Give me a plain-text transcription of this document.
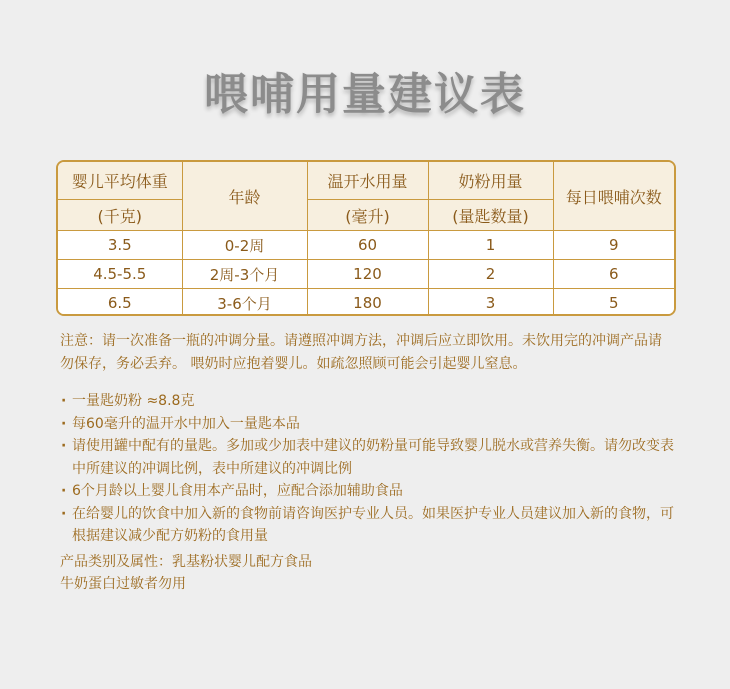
喂哺用量建议表
婴儿平均体重	年龄	温开水用量	奶粉用量	每日喂哺次数
(千克)		(毫升)	(量匙数量)	
3.5	0-2周	60	1	9
4.5-5.5	2周-3个月	120	2	6
6.5	3-6个月	180	3	5
注意：请一次准备一瓶的冲调分量。请遵照冲调方法，冲调后应立即饮用。未饮用完的冲调产品请勿保存，务必丢弃。 喂奶时应抱着婴儿。如疏忽照顾可能会引起婴儿窒息。
· 一量匙奶粉 ≈8.8克
· 每60毫升的温开水中加入一量匙本品
· 请使用罐中配有的量匙。多加或少加表中建议的奶粉量可能导致婴儿脱水或营养失衡。请勿改变表中所建议的冲调比例，表中所建议的冲调比例
· 6个月龄以上婴儿食用本产品时，应配合添加辅助食品
· 在给婴儿的饮食中加入新的食物前请咨询医护专业人员。如果医护专业人员建议加入新的食物，可根据建议减少配方奶粉的食用量
产品类别及属性：乳基粉状婴儿配方食品
牛奶蛋白过敏者勿用
